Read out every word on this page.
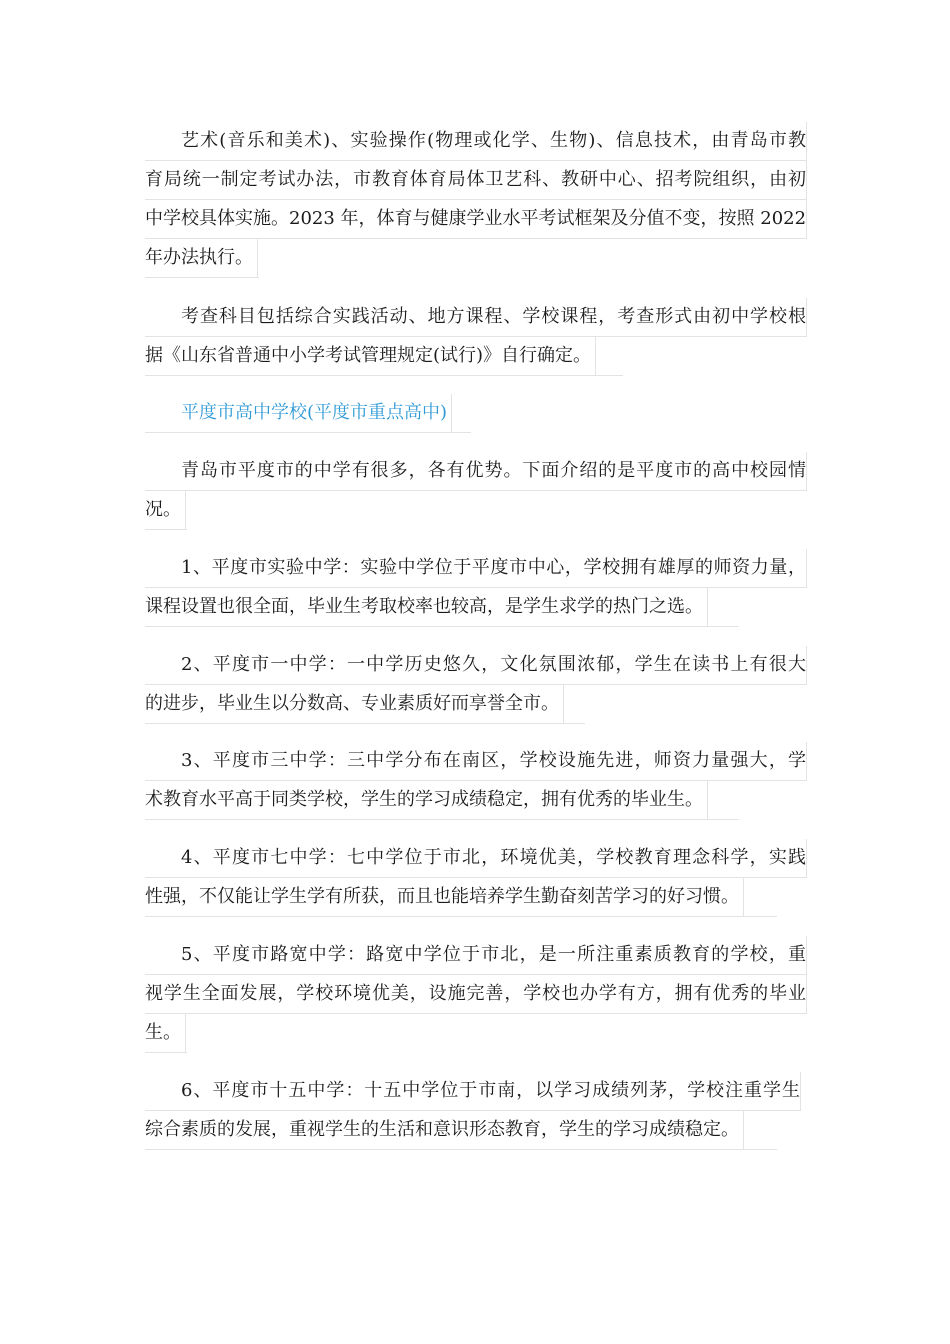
艺术(音乐和美术)、实验操作(物理或化学、生物)、信息技术，由青岛市教
育局统一制定考试办法，市教育体育局体卫艺科、教研中心、招考院组织，由初
中学校具体实施。2023 年，体育与健康学业水平考试框架及分值不变，按照 2022
年办法执行。
考查科目包括综合实践活动、地方课程、学校课程，考查形式由初中学校根
据《山东省普通中小学考试管理规定(试行)》自行确定。
平度市高中学校(平度市重点高中)
青岛市平度市的中学有很多，各有优势。下面介绍的是平度市的高中校园情
况。
1、平度市实验中学：实验中学位于平度市中心，学校拥有雄厚的师资力量，
课程设置也很全面，毕业生考取校率也较高，是学生求学的热门之选。
2、平度市一中学：一中学历史悠久，文化氛围浓郁，学生在读书上有很大
的进步，毕业生以分数高、专业素质好而享誉全市。
3、平度市三中学：三中学分布在南区，学校设施先进，师资力量强大，学
术教育水平高于同类学校，学生的学习成绩稳定，拥有优秀的毕业生。
4、平度市七中学：七中学位于市北，环境优美，学校教育理念科学，实践
性强，不仅能让学生学有所获，而且也能培养学生勤奋刻苦学习的好习惯。
5、平度市路宽中学：路宽中学位于市北，是一所注重素质教育的学校，重
视学生全面发展，学校环境优美，设施完善，学校也办学有方，拥有优秀的毕业
生。
6、平度市十五中学：十五中学位于市南，以学习成绩列茅，学校注重学生
综合素质的发展，重视学生的生活和意识形态教育，学生的学习成绩稳定。
